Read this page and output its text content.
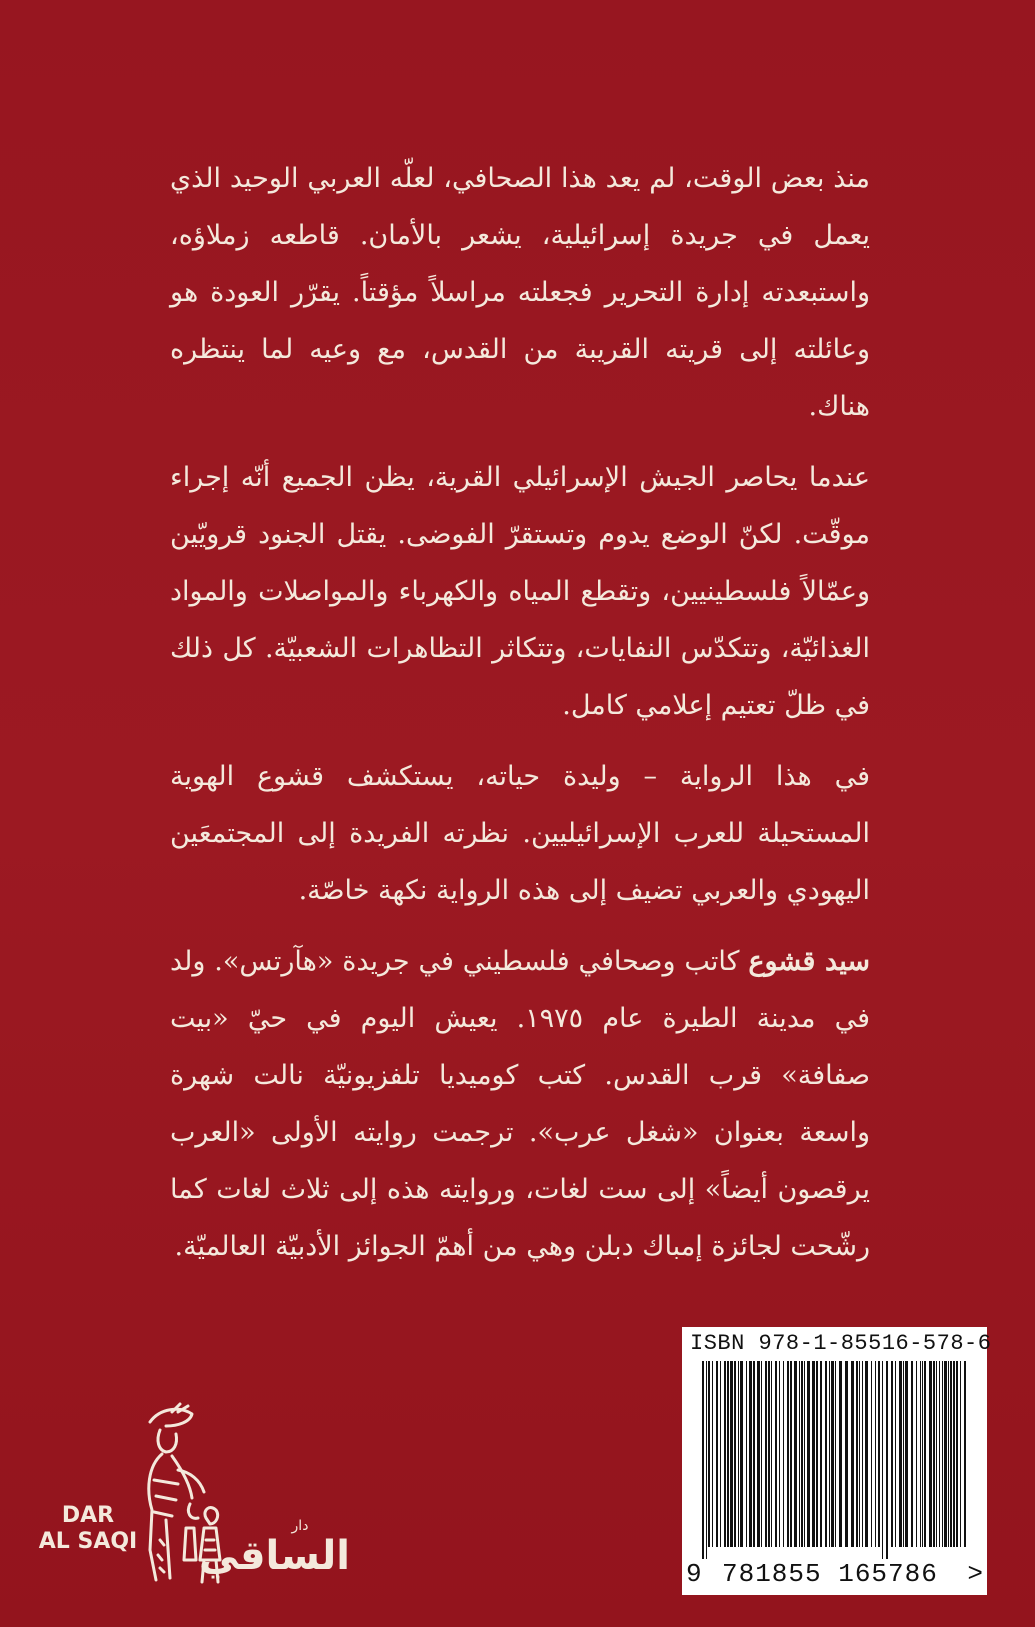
منذ بعض الوقت، لم يعد هذا الصحافي، لعلّه العربي الوحيد الذي يعمل في جريدة إسرائيلية، يشعر بالأمان. قاطعه زملاؤه، واستبعدته إدارة التحرير فجعلته مراسلاً مؤقتاً. يقرّر العودة هو وعائلته إلى قريته القريبة من القدس، مع وعيه لما ينتظره هناك.

عندما يحاصر الجيش الإسرائيلي القرية، يظن الجميع أنّه إجراء موقّت. لكنّ الوضع يدوم وتستقرّ الفوضى. يقتل الجنود قرويّين وعمّالاً فلسطينيين، وتقطع المياه والكهرباء والمواصلات والمواد الغذائيّة، وتتكدّس النفايات، وتتكاثر التظاهرات الشعبيّة. كل ذلك في ظلّ تعتيم إعلامي كامل.

في هذا الرواية – وليدة حياته، يستكشف قشوع الهوية المستحيلة للعرب الإسرائيليين. نظرته الفريدة إلى المجتمعَين اليهودي والعربي تضيف إلى هذه الرواية نكهة خاصّة.

سيد قشوع كاتب وصحافي فلسطيني في جريدة «هآرتس». ولد في مدينة الطيرة عام ١٩٧٥. يعيش اليوم في حيّ «بيت صفافة» قرب القدس. كتب كوميديا تلفزيونيّة نالت شهرة واسعة بعنوان «شغل عرب». ترجمت روايته الأولى «العرب يرقصون أيضاً» إلى ست لغات، وروايته هذه إلى ثلاث لغات كما رشّحت لجائزة إمباك دبلن وهي من أهمّ الجوائز الأدبيّة العالميّة.

ISBN 978-1-85516-578-6
9 781855 165786	>
DAR
AL SAQI
دار
الساقي
